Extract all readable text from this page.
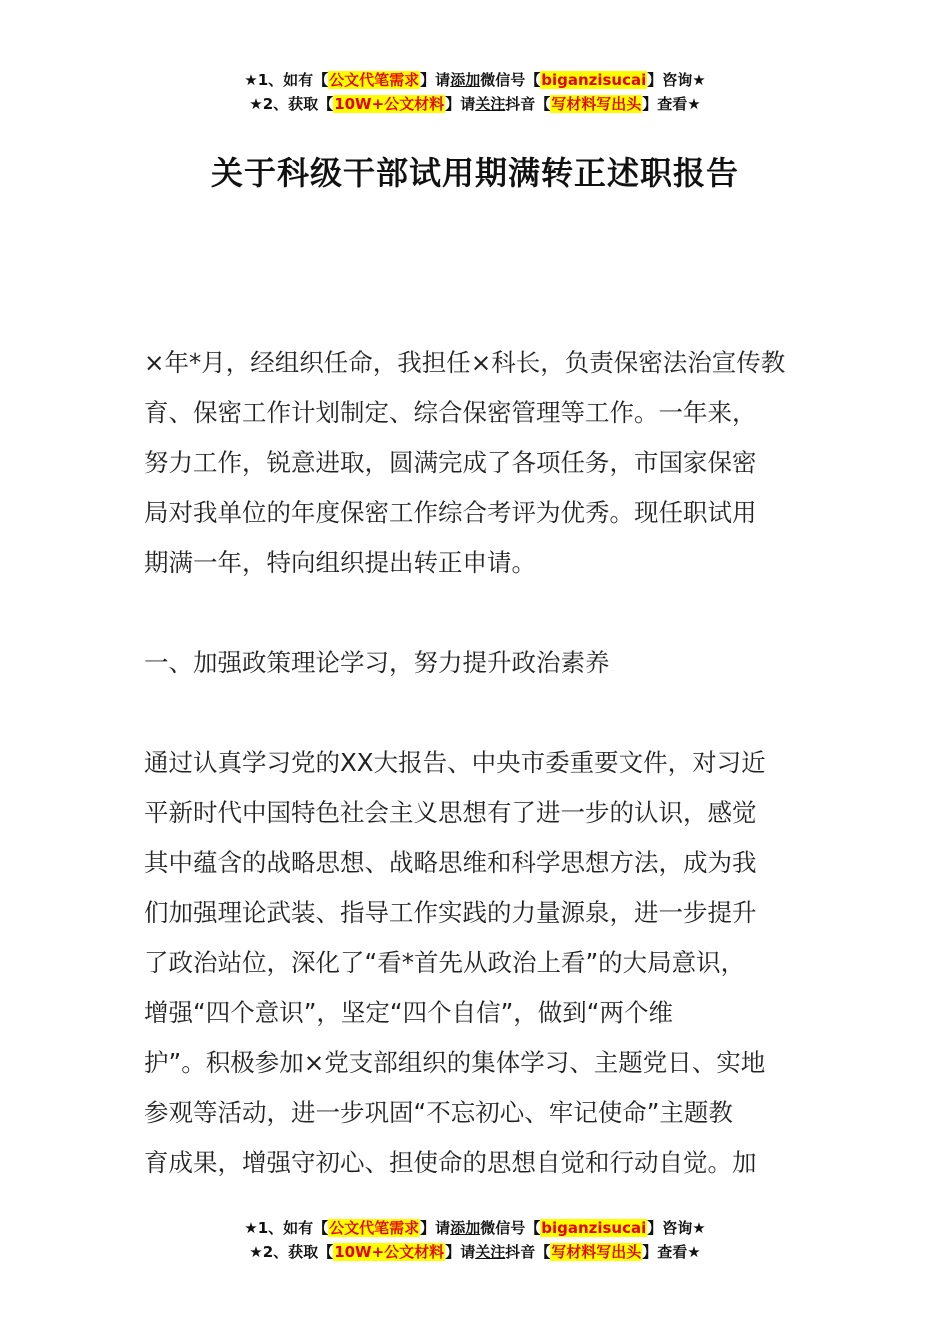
★1、如有【公文代笔需求】请添加微信号【biganzisucai】咨询★
★2、获取【10W+公文材料】请关注抖音【写材料写出头】查看★
关于科级干部试用期满转正述职报告

×年*月，经组织任命，我担任×科长，负责保密法治宣传教

育、保密工作计划制定、综合保密管理等工作。一年来，

努力工作，锐意进取，圆满完成了各项任务，市国家保密

局对我单位的年度保密工作综合考评为优秀。现任职试用

期满一年，特向组织提出转正申请。

一、加强政策理论学习，努力提升政治素养

通过认真学习党的XX大报告、中央市委重要文件，对习近

平新时代中国特色社会主义思想有了进一步的认识，感觉

其中蕴含的战略思想、战略思维和科学思想方法，成为我

们加强理论武装、指导工作实践的力量源泉，进一步提升

了政治站位，深化了“看*首先从政治上看”的大局意识，

增强“四个意识”，坚定“四个自信”，做到“两个维

护”。积极参加×党支部组织的集体学习、主题党日、实地

参观等活动，进一步巩固“不忘初心、牢记使命”主题教

育成果，增强守初心、担使命的思想自觉和行动自觉。加

★1、如有【公文代笔需求】请添加微信号【biganzisucai】咨询★
★2、获取【10W+公文材料】请关注抖音【写材料写出头】查看★
